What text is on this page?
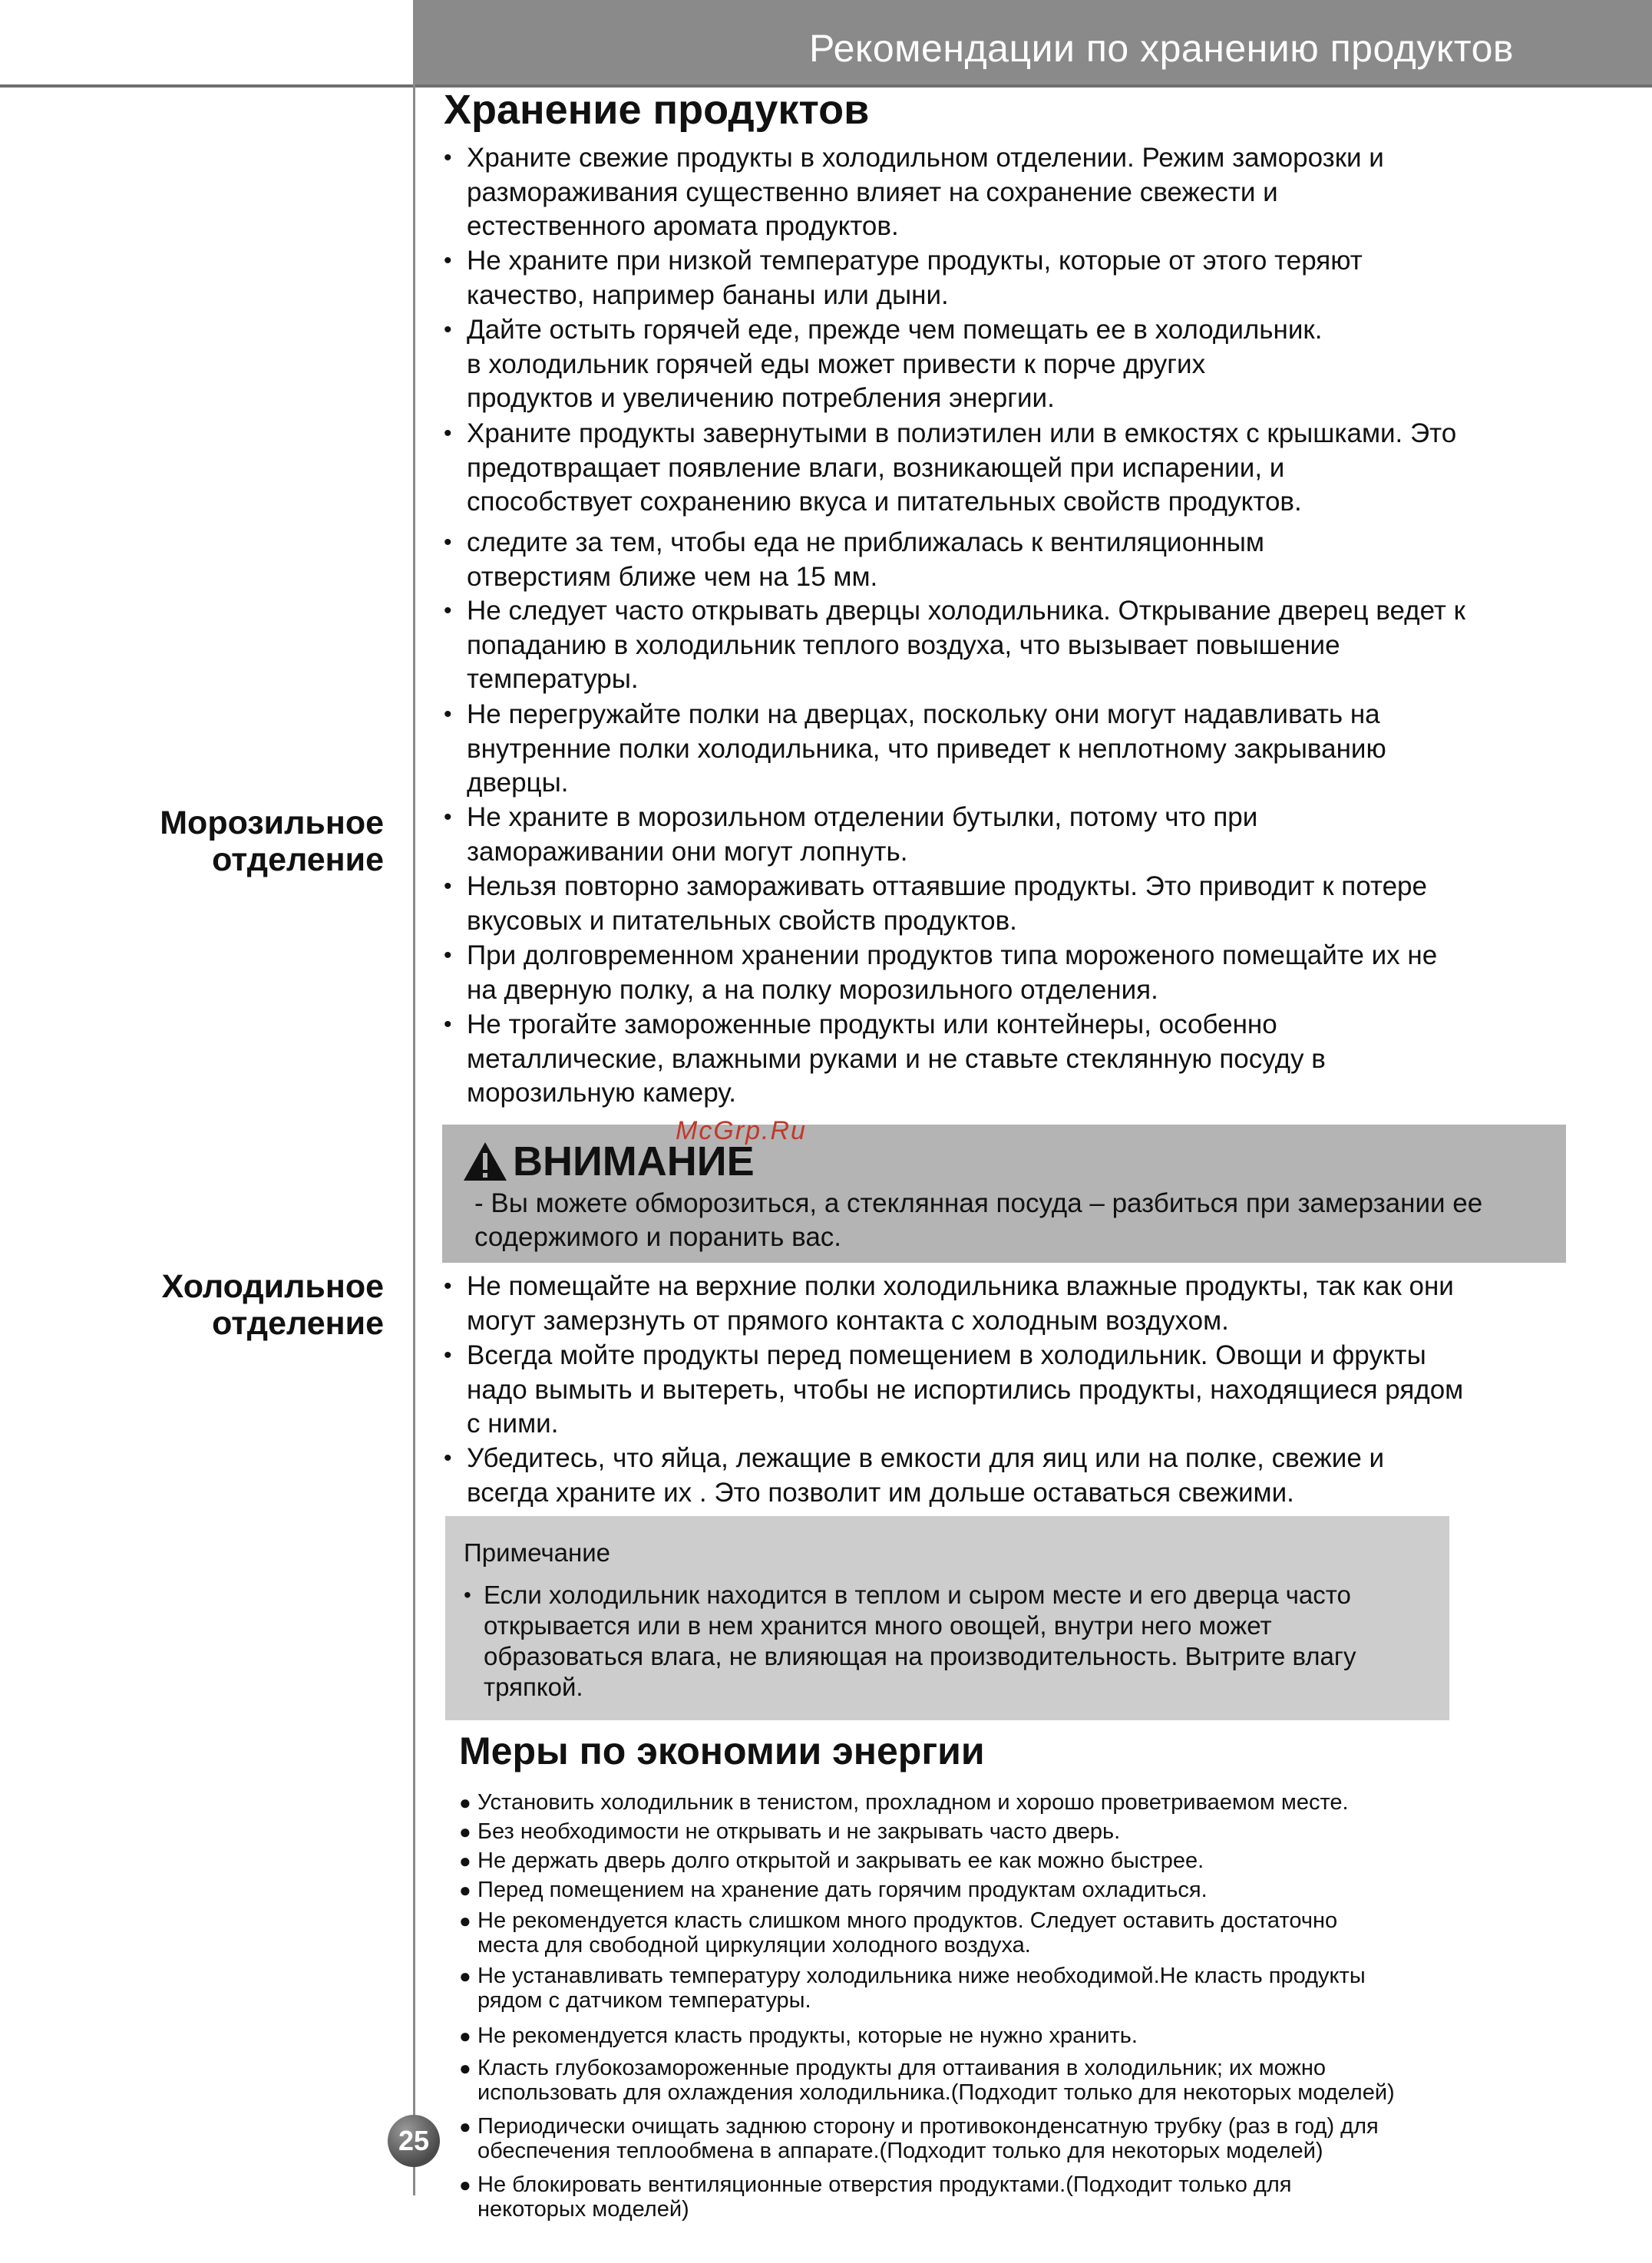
Рекомендации по хранению продуктов
Хранение продуктов
• Храните свежие продукты в холодильном отделении. Режим заморозки и
размораживания существенно влияет на сохранение свежести и
естественного аромата продуктов.
• Не храните при низкой температуре продукты, которые от этого теряют
качество, например бананы или дыни.
• Дайте остыть горячей еде, прежде чем помещать ее в холодильник.
в холодильник горячей еды может привести к порче других
продуктов и увеличению потребления энергии.
• Храните продукты завернутыми в полиэтилен или в емкостях с крышками. Это
предотвращает появление влаги, возникающей при испарении, и
способствует сохранению вкуса и питательных свойств продуктов.
• следите за тем, чтобы еда не приближалась к вентиляционным
отверстиям ближе чем на 15 мм.
• Не следует часто открывать дверцы холодильника. Открывание дверец ведет к
попаданию в холодильник теплого воздуха, что вызывает повышение
температуры.
• Не перегружайте полки на дверцах, поскольку они могут надавливать на
внутренние полки холодильника, что приведет к неплотному закрыванию
дверцы.
Морозильное
отделение
• Не храните в морозильном отделении бутылки, потому что при
замораживании они могут лопнуть.
• Нельзя повторно замораживать оттаявшие продукты. Это приводит к потере
вкусовых и питательных свойств продуктов.
• При долговременном хранении продуктов типа мороженого помещайте их не
на дверную полку, а на полку морозильного отделения.
• Не трогайте замороженные продукты или контейнеры, особенно
металлические, влажными руками и не ставьте стеклянную посуду в
морозильную камеру.
ВНИМАНИЕ
McGrp.Ru
- Вы можете обморозиться, а стеклянная посуда – разбиться при замерзании ее
содержимого и поранить вас.
Холодильное
отделение
• Не помещайте на верхние полки холодильника влажные продукты, так как они
могут замерзнуть от прямого контакта с холодным воздухом.
• Всегда мойте продукты перед помещением в холодильник. Овощи и фрукты
надо вымыть и вытереть, чтобы не испортились продукты, находящиеся рядом
с ними.
• Убедитесь, что яйца, лежащие в емкости для яиц или на полке, свежие и
всегда храните их . Это позволит им дольше оставаться свежими.
Примечание
• Если холодильник находится в теплом и сыром месте и его дверца часто
открывается или в нем хранится много овощей, внутри него может
образоваться влага, не влияющая на производительность. Вытрите влагу
тряпкой.
Меры по экономии энергии
● Установить холодильник в тенистом, прохладном и хорошо проветриваемом месте.
● Без необходимости не открывать и не закрывать часто дверь.
● Не держать дверь долго открытой и закрывать ее как можно быстрее.
● Перед помещением на хранение дать горячим продуктам охладиться.
● Не рекомендуется класть слишком много продуктов. Следует оставить достаточно
места для свободной циркуляции холодного воздуха.
● Не устанавливать температуру холодильника ниже необходимой.Не класть продукты
рядом с датчиком температуры.
● Не рекомендуется класть продукты, которые не нужно хранить.
● Класть глубокозамороженные продукты для оттаивания в холодильник; их можно
использовать для охлаждения холодильника.(Подходит только для некоторых моделей)
● Периодически очищать заднюю сторону и противоконденсатную трубку (раз в год) для
обеспечения теплообмена в аппарате.(Подходит только для некоторых моделей)
● Не блокировать вентиляционные отверстия продуктами.(Подходит только для
некоторых моделей)
25
